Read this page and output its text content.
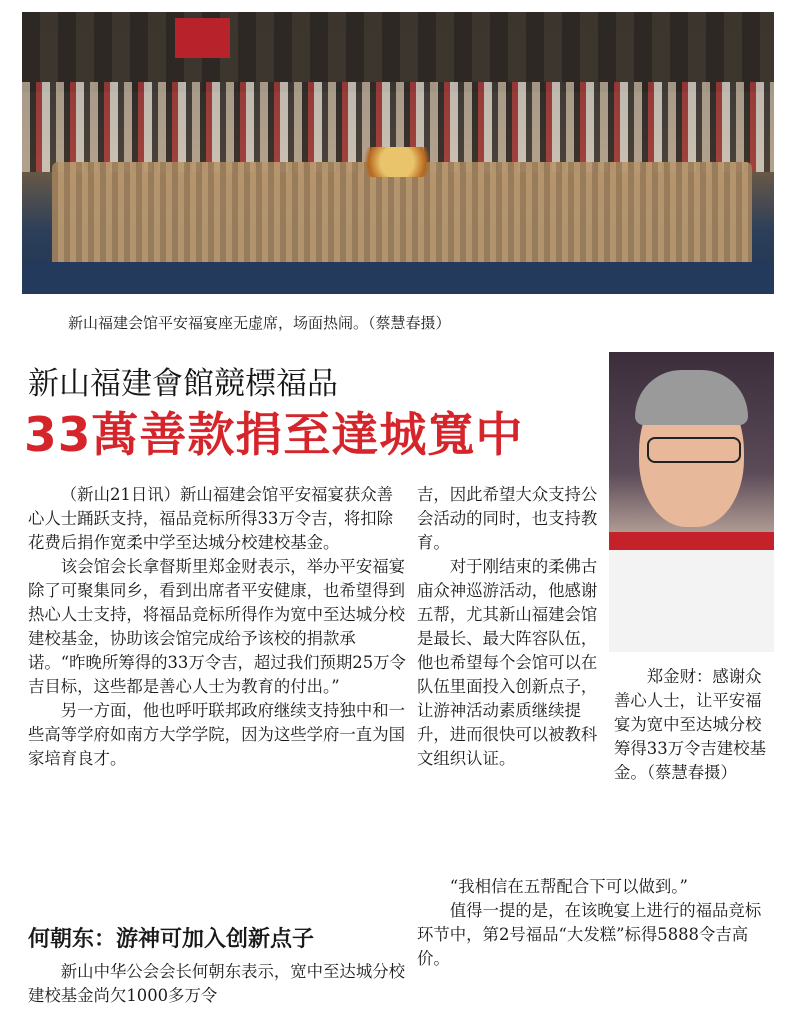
新山福建会馆平安福宴座无虚席，场面热闹。（蔡慧春摄）
新山福建會館競標福品
33萬善款捐至達城寬中

（新山21日讯）新山福建会馆平安福宴获众善心人士踊跃支持，福品竞标所得33万令吉，将扣除花费后捐作宽柔中学至达城分校建校基金。

该会馆会长拿督斯里郑金财表示，举办平安福宴除了可聚集同乡，看到出席者平安健康，也希望得到热心人士支持，将福品竞标所得作为宽中至达城分校建校基金，协助该会馆完成给予该校的捐款承诺。“昨晚所筹得的33万令吉，超过我们预期25万令吉目标，这些都是善心人士为教育的付出。”

另一方面，他也呼吁联邦政府继续支持独中和一些高等学府如南方大学学院，因为这些学府一直为国家培育良才。

吉，因此希望大众支持公会活动的同时，也支持教育。

对于刚结束的柔佛古庙众神巡游活动，他感谢五帮，尤其新山福建会馆是最长、最大阵容队伍，他也希望每个会馆可以在队伍里面投入创新点子，让游神活动素质继续提升，进而很快可以被教科文组织认证。

郑金财：感谢众善心人士，让平安福宴为宽中至达城分校筹得33万令吉建校基金。（蔡慧春摄）

“我相信在五帮配合下可以做到。”

值得一提的是，在该晚宴上进行的福品竞标环节中，第2号福品“大发糕”标得5888令吉高价。

何朝东：游神可加入创新点子

新山中华公会会长何朝东表示，宽中至达城分校建校基金尚欠1000多万令
